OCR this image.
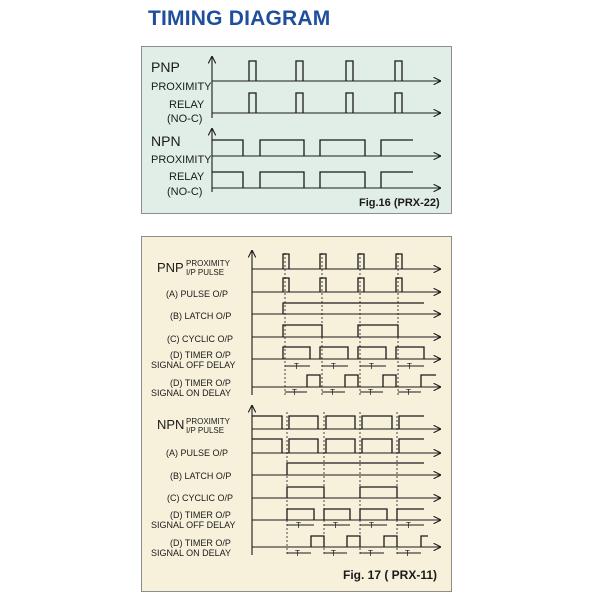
TIMING DIAGRAM
PNP
PROXIMITY
RELAY
(NO-C)
NPN
PROXIMITY
RELAY
(NO-C)
Fig.16 (PRX-22)
PNP PROXIMITY
I/P PULSE
(A) PULSE O/P
(B) LATCH O/P
(C) CYCLIC O/P
(D) TIMER O/P
SIGNAL OFF DELAY
(D) TIMER O/P
SIGNAL ON DELAY
T	T	T	T
T	T	T	T
NPN PROXIMITY
I/P PULSE
(A) PULSE O/P
(B) LATCH O/P
(C) CYCLIC O/P
(D) TIMER O/P
SIGNAL OFF DELAY
(D) TIMER O/P
SIGNAL ON DELAY
T	T	T	T
T	T	T	T
Fig. 17 ( PRX-11)
